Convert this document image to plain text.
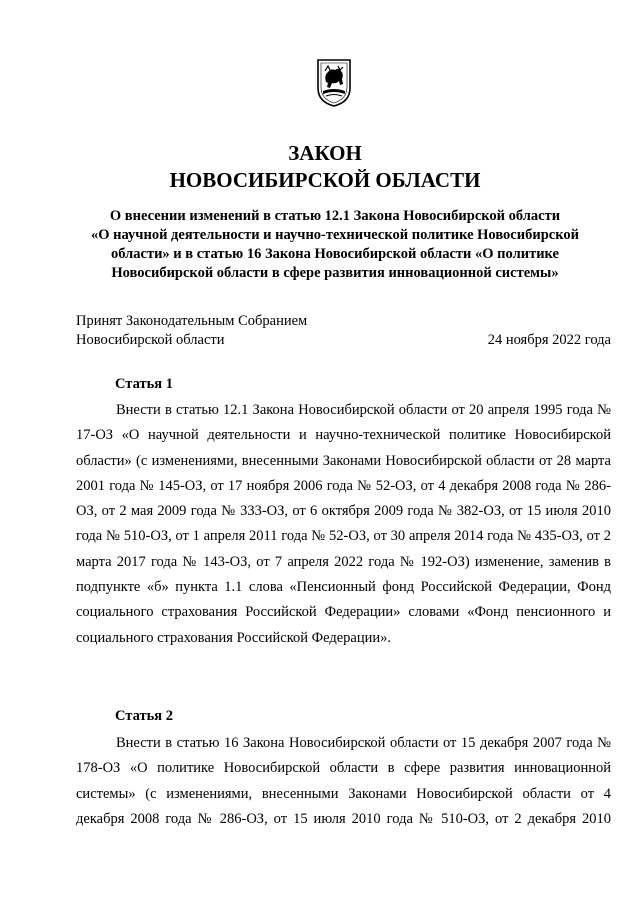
ЗАКОН
НОВОСИБИРСКОЙ ОБЛАСТИ
О внесении изменений в статью 12.1 Закона Новосибирской области
«О научной деятельности и научно-технической политике Новосибирской
области» и в статью 16 Закона Новосибирской области «О политике
Новосибирской области в сфере развития инновационной системы»
Принят Законодательным Собранием
Новосибирской области	24 ноября 2022 года
Статья 1

Внести в статью 12.1 Закона Новосибирской области от 20 апреля 1995 года № 17-ОЗ «О научной деятельности и научно-технической политике Новосибирской области» (с изменениями, внесенными Законами Новосибирской области от 28 марта 2001 года № 145-ОЗ, от 17 ноября 2006 года № 52-ОЗ, от 4 декабря 2008 года № 286-ОЗ, от 2 мая 2009 года № 333-ОЗ, от 6 октября 2009 года № 382-ОЗ, от 15 июля 2010 года № 510-ОЗ, от 1 апреля 2011 года № 52-ОЗ, от 30 апреля 2014 года № 435-ОЗ, от 2 марта 2017 года № 143-ОЗ, от 7 апреля 2022 года № 192-ОЗ) изменение, заменив в подпункте «б» пункта 1.1 слова «Пенсионный фонд Российской Федерации, Фонд социального страхования Российской Федерации» словами «Фонд пенсионного и социального страхования Российской Федерации».

Статья 2

Внести в статью 16 Закона Новосибирской области от 15 декабря 2007 года № 178-ОЗ «О политике Новосибирской области в сфере развития инновационной системы» (с изменениями, внесенными Законами Новосибирской области от 4 декабря 2008 года № 286-ОЗ, от 15 июля 2010 года № 510-ОЗ, от 2 декабря 2010
